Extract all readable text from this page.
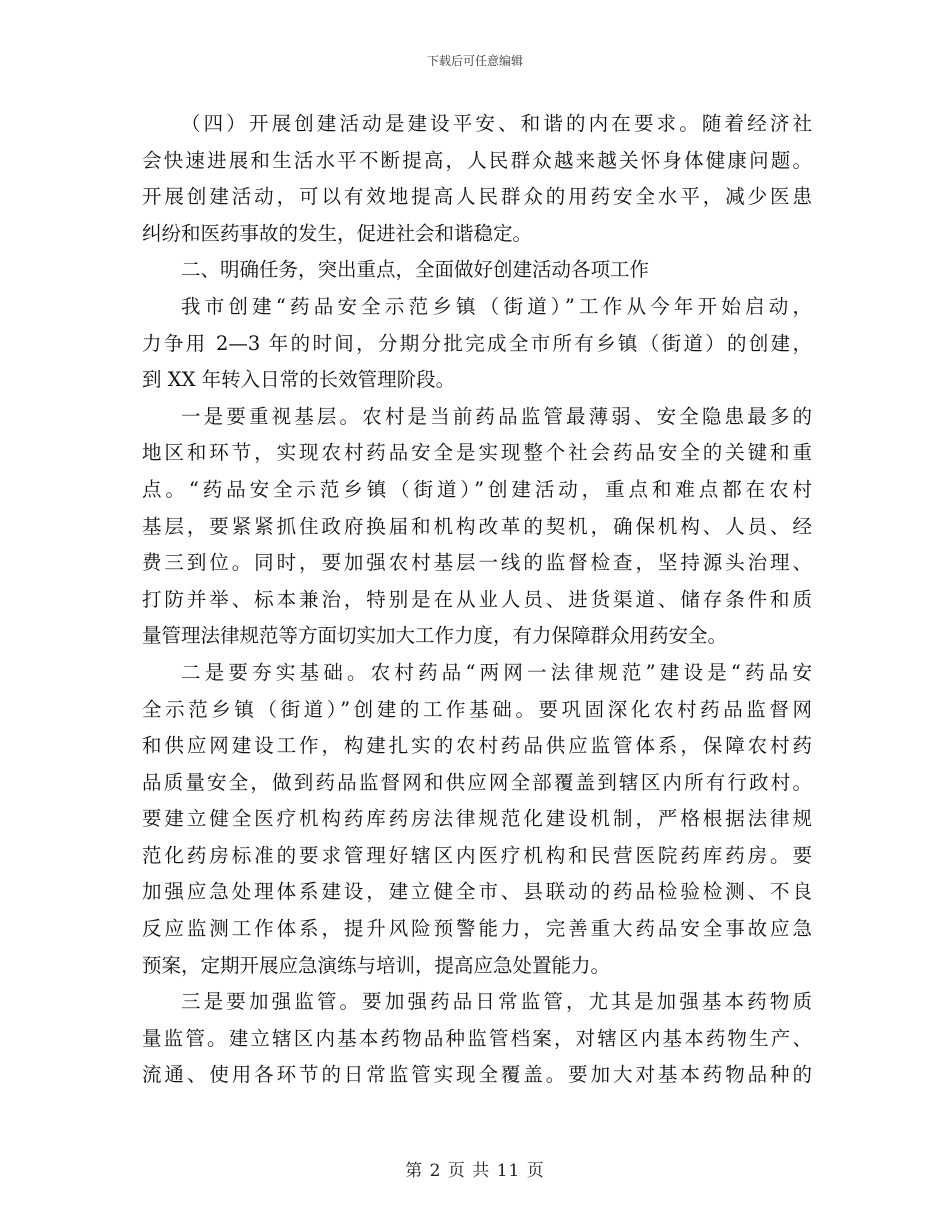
下载后可任意编辑
（四）开展创建活动是建设平安、和谐的内在要求。随着经济社
会快速进展和生活水平不断提高，人民群众越来越关怀身体健康问题。
开展创建活动，可以有效地提高人民群众的用药安全水平，减少医患
纠纷和医药事故的发生，促进社会和谐稳定。
二、明确任务，突出重点，全面做好创建活动各项工作
我市创建“药品安全示范乡镇（街道）”工作从今年开始启动，
力争用 2—3 年的时间，分期分批完成全市所有乡镇（街道）的创建，
到 XX 年转入日常的长效管理阶段。
一是要重视基层。农村是当前药品监管最薄弱、安全隐患最多的
地区和环节，实现农村药品安全是实现整个社会药品安全的关键和重
点。“药品安全示范乡镇（街道）”创建活动，重点和难点都在农村
基层，要紧紧抓住政府换届和机构改革的契机，确保机构、人员、经
费三到位。同时，要加强农村基层一线的监督检查，坚持源头治理、
打防并举、标本兼治，特别是在从业人员、进货渠道、储存条件和质
量管理法律规范等方面切实加大工作力度，有力保障群众用药安全。
二是要夯实基础。农村药品“两网一法律规范”建设是“药品安
全示范乡镇（街道）”创建的工作基础。要巩固深化农村药品监督网
和供应网建设工作，构建扎实的农村药品供应监管体系，保障农村药
品质量安全，做到药品监督网和供应网全部覆盖到辖区内所有行政村。
要建立健全医疗机构药库药房法律规范化建设机制，严格根据法律规
范化药房标准的要求管理好辖区内医疗机构和民营医院药库药房。要
加强应急处理体系建设，建立健全市、县联动的药品检验检测、不良
反应监测工作体系，提升风险预警能力，完善重大药品安全事故应急
预案，定期开展应急演练与培训，提高应急处置能力。
三是要加强监管。要加强药品日常监管，尤其是加强基本药物质
量监管。建立辖区内基本药物品种监管档案，对辖区内基本药物生产、
流通、使用各环节的日常监管实现全覆盖。要加大对基本药物品种的
第 2 页 共 11 页
